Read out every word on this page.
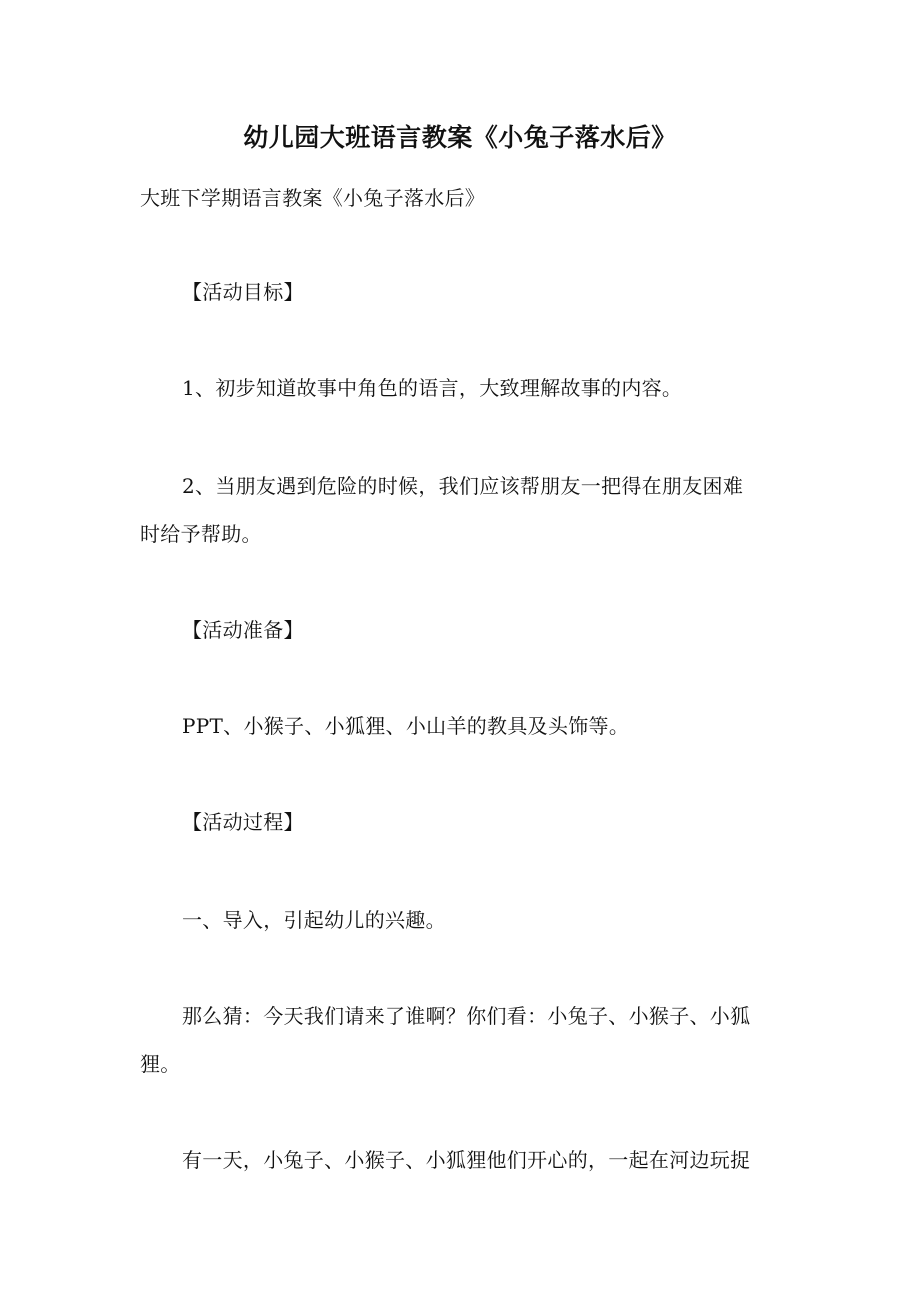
幼儿园大班语言教案《小兔子落水后》
大班下学期语言教案《小兔子落水后》
【活动目标】
1、初步知道故事中角色的语言，大致理解故事的内容。
2、当朋友遇到危险的时候，我们应该帮朋友一把得在朋友困难
时给予帮助。
【活动准备】
PPT、小猴子、小狐狸、小山羊的教具及头饰等。
【活动过程】
一、导入，引起幼儿的兴趣。
那么猜：今天我们请来了谁啊？你们看：小兔子、小猴子、小狐
狸。
有一天，小兔子、小猴子、小狐狸他们开心的，一起在河边玩捉
